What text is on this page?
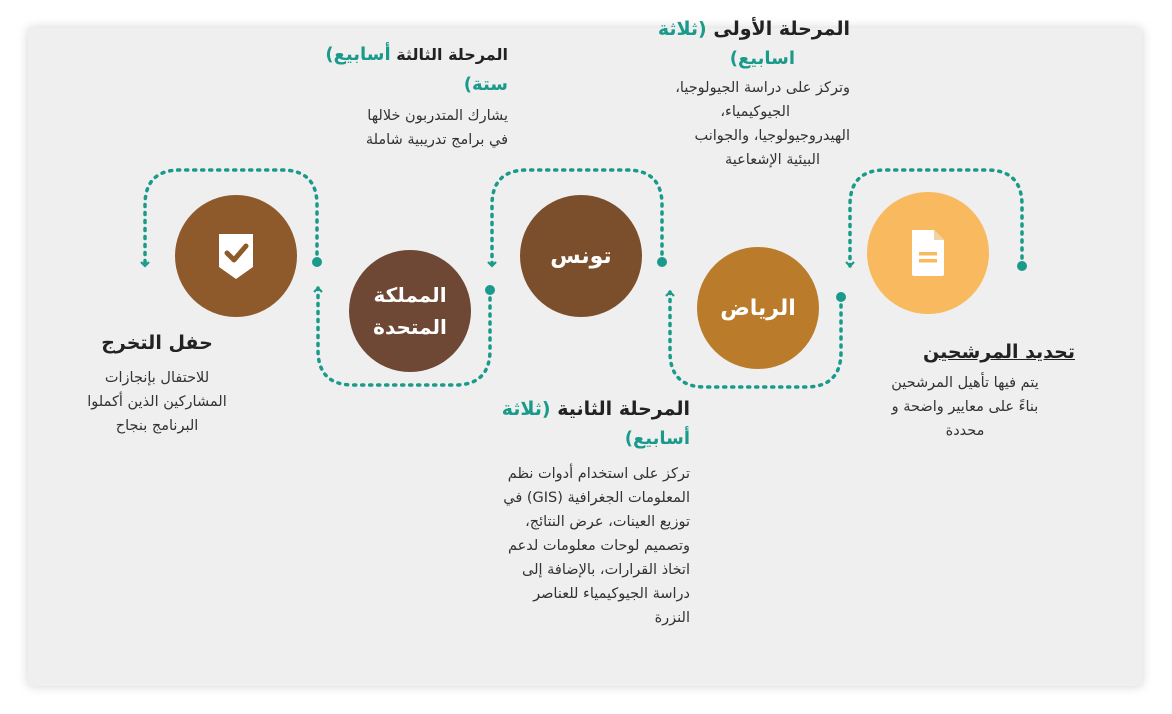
الرياض
تونس
المملكة المتحدة
تحديد المرشحين
يتم فيها تأهيل المرشحين
بناءً على معايير واضحة و
محددة
المرحلة الأولى (ثلاثة
اسابيع)
وتركز على دراسة الجيولوجيا،
الجيوكيمياء،
الهيدروجيولوجيا، والجوانب
البيئية الإشعاعية
المرحلة الثانية (ثلاثة
أسابيع)
تركز على استخدام أدوات نظم
المعلومات الجغرافية (GIS) في
توزيع العينات، عرض النتائج،
وتصميم لوحات معلومات لدعم
اتخاذ القرارات، بالإضافة إلى
دراسة الجيوكيمياء للعناصر
النزرة
المرحلة الثالثة أسابيع)
ستة)
يشارك المتدربون خلالها
في برامج تدريبية شاملة
حفل التخرج
للاحتفال بإنجازات
المشاركين الذين أكملوا
البرنامج بنجاح
